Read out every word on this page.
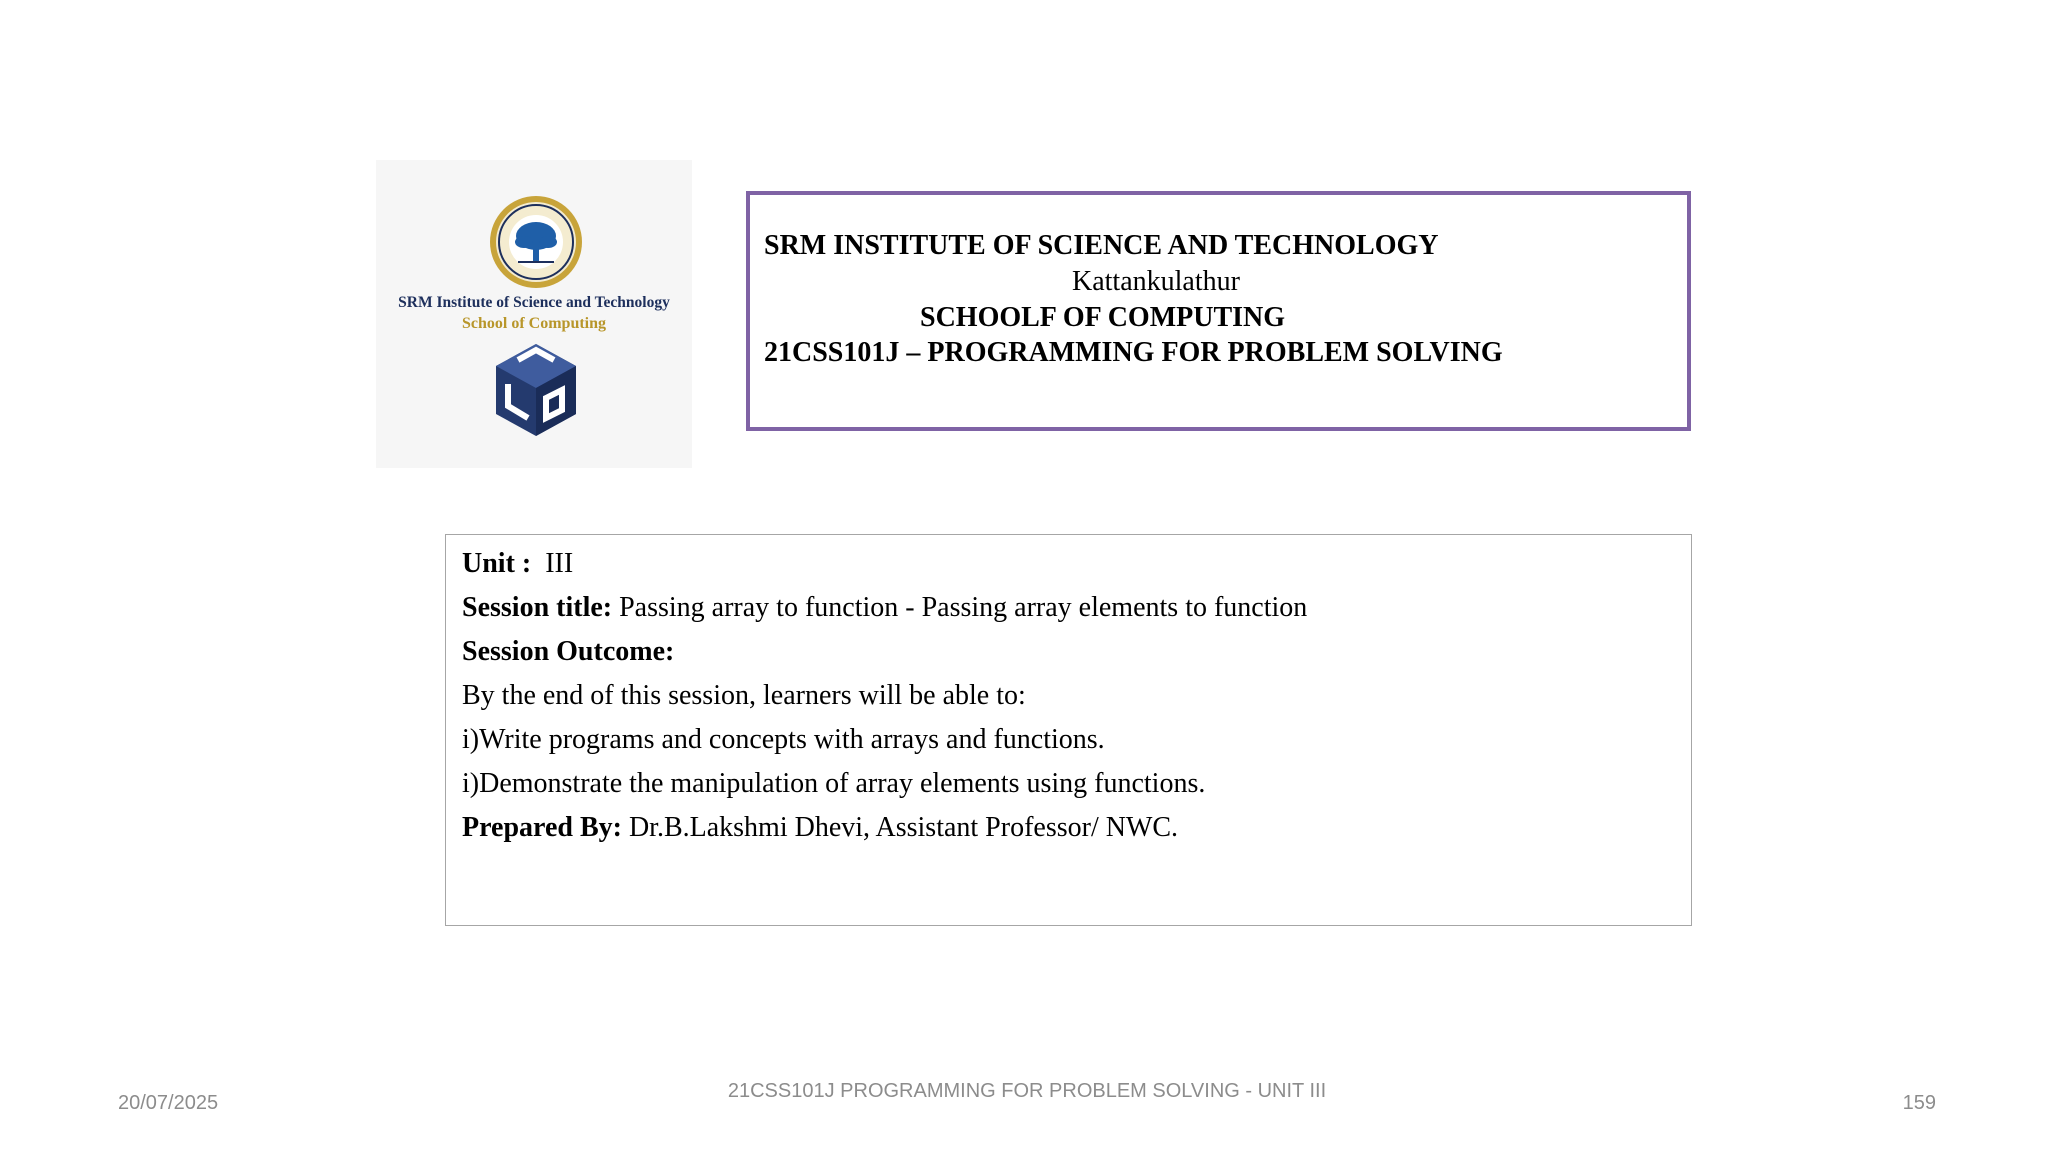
SRM Institute of Science and Technology
School of Computing
SRM INSTITUTE OF SCIENCE AND TECHNOLOGY
Kattankulathur
SCHOOLF OF COMPUTING
21CSS101J – PROGRAMMING FOR PROBLEM SOLVING
Unit : III
Session title: Passing array to function - Passing array elements to function
Session Outcome:
By the end of this session, learners will be able to:
i)Write programs and concepts with arrays and functions.
i)Demonstrate the manipulation of array elements using functions.
Prepared By: Dr.B.Lakshmi Dhevi, Assistant Professor/ NWC.
20/07/2025
21CSS101J PROGRAMMING FOR PROBLEM SOLVING - UNIT III
159
